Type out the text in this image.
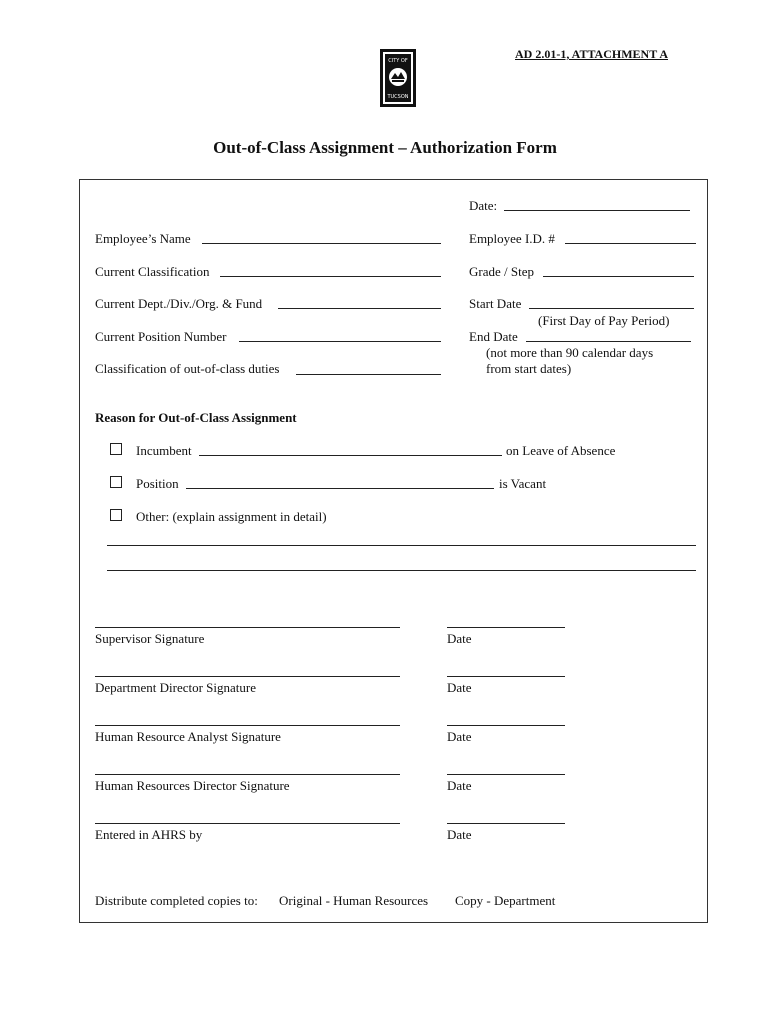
AD 2.01-1, ATTACHMENT A
CITY OF
TUCSON
Out-of-Class Assignment – Authorization Form
Date:
Employee’s Name	Employee I.D. #
Current Classification	Grade / Step
Current Dept./Div./Org. & Fund	Start Date
(First Day of Pay Period)
Current Position Number	End Date
(not more than 90 calendar days
from start dates)
Classification of out-of-class duties
Reason for Out-of-Class Assignment
Incumbent	on Leave of Absence
Position	is Vacant
Other: (explain assignment in detail)
Supervisor Signature	Date
Department Director Signature	Date
Human Resource Analyst Signature	Date
Human Resources Director Signature	Date
Entered in AHRS by	Date
Distribute completed copies to: Original - Human Resources Copy - Department
